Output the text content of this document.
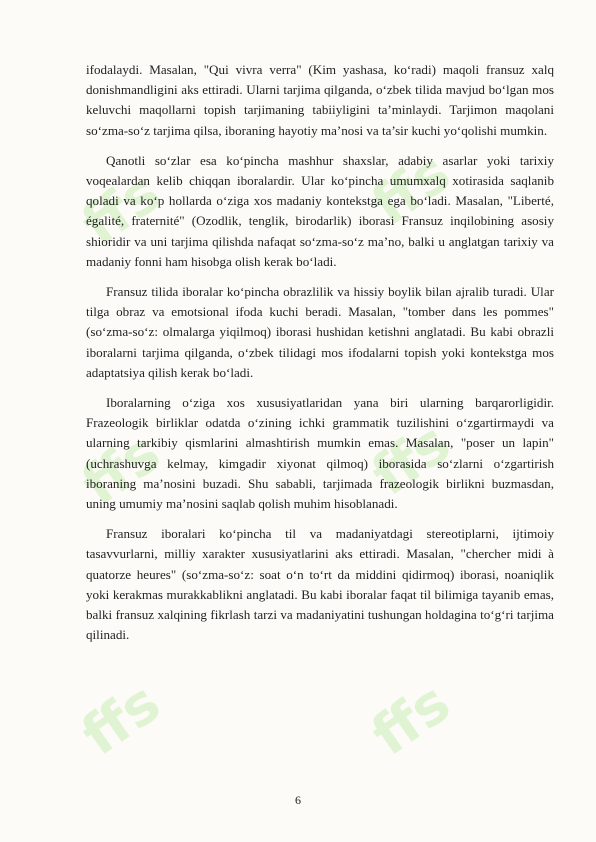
ffs	ffs
ffs	ffs
ffs	ffs

ifodalaydi. Masalan, "Qui vivra verra" (Kim yashasa, ko‘radi) maqoli fransuz xalq donishmandligini aks ettiradi. Ularni tarjima qilganda, o‘zbek tilida mavjud bo‘lgan mos keluvchi maqollarni topish tarjimaning tabiiyligini ta’minlaydi. Tarjimon maqolani so‘zma-so‘z tarjima qilsa, iboraning hayotiy ma’nosi va ta’sir kuchi yo‘qolishi mumkin.

Qanotli so‘zlar esa ko‘pincha mashhur shaxslar, adabiy asarlar yoki tarixiy voqealardan kelib chiqqan iboralardir. Ular ko‘pincha umumxalq xotirasida saqlanib qoladi va ko‘p hollarda o‘ziga xos madaniy kontekstga ega bo‘ladi. Masalan, "Liberté, égalité, fraternité" (Ozodlik, tenglik, birodarlik) iborasi Fransuz inqilobining asosiy shioridir va uni tarjima qilishda nafaqat so‘zma-so‘z ma’no, balki u anglatgan tarixiy va madaniy fonni ham hisobga olish kerak bo‘ladi.

Fransuz tilida iboralar ko‘pincha obrazlilik va hissiy boylik bilan ajralib turadi. Ular tilga obraz va emotsional ifoda kuchi beradi. Masalan, "tomber dans les pommes" (so‘zma-so‘z: olmalarga yiqilmoq) iborasi hushidan ketishni anglatadi. Bu kabi obrazli iboralarni tarjima qilganda, o‘zbek tilidagi mos ifodalarni topish yoki kontekstga mos adaptatsiya qilish kerak bo‘ladi.

Iboralarning o‘ziga xos xususiyatlaridan yana biri ularning barqarorligidir. Frazeologik birliklar odatda o‘zining ichki grammatik tuzilishini o‘zgartirmaydi va ularning tarkibiy qismlarini almashtirish mumkin emas. Masalan, "poser un lapin" (uchrashuvga kelmay, kimgadir xiyonat qilmoq) iborasida so‘zlarni o‘zgartirish iboraning ma’nosini buzadi. Shu sababli, tarjimada frazeologik birlikni buzmasdan, uning umumiy ma’nosini saqlab qolish muhim hisoblanadi.

Fransuz iboralari ko‘pincha til va madaniyatdagi stereotiplarni, ijtimoiy tasavvurlarni, milliy xarakter xususiyatlarini aks ettiradi. Masalan, "chercher midi à quatorze heures" (so‘zma-so‘z: soat o‘n to‘rt da middini qidirmoq) iborasi, noaniqlik yoki kerakmas murakkablikni anglatadi. Bu kabi iboralar faqat til bilimiga tayanib emas, balki fransuz xalqining fikrlash tarzi va madaniyatini tushungan holdagina to‘g‘ri tarjima qilinadi.

6
